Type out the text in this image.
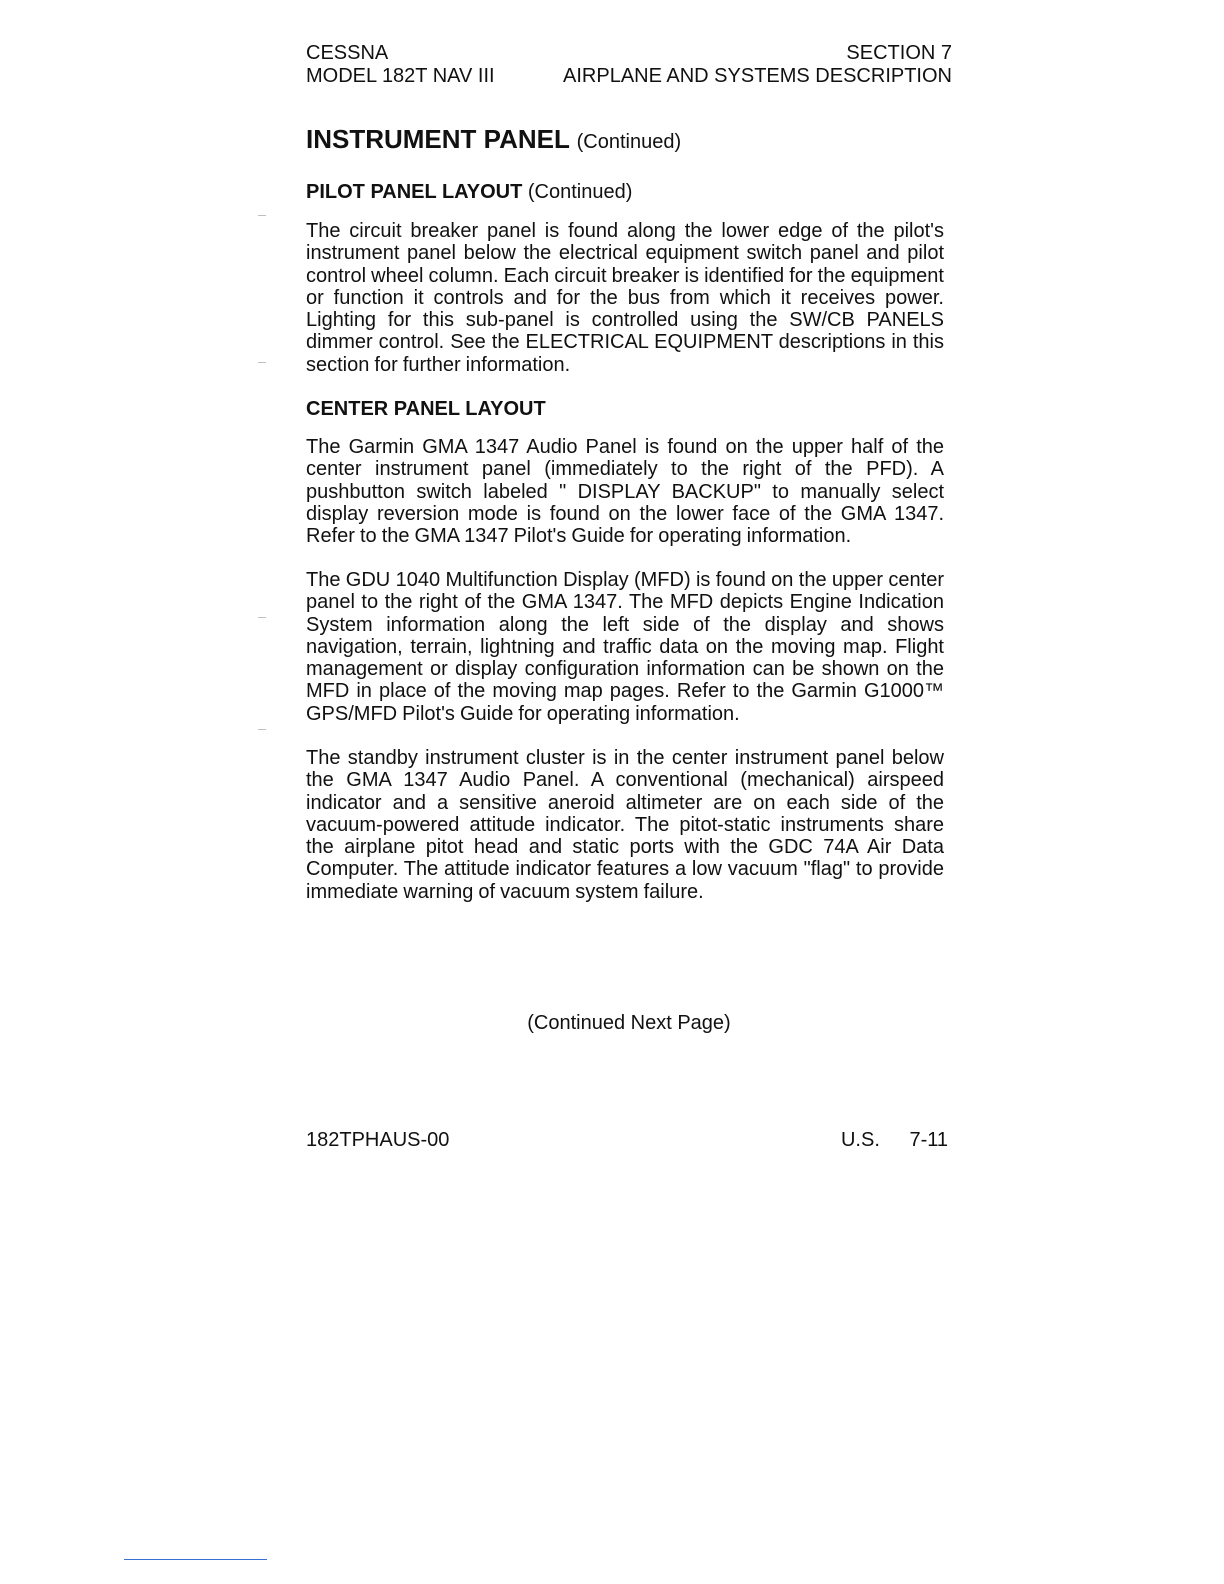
CESSNA	SECTION 7
MODEL 182T NAV III	AIRPLANE AND SYSTEMS DESCRIPTION
INSTRUMENT PANEL (Continued)
PILOT PANEL LAYOUT (Continued)

The circuit breaker panel is found along the lower edge of the pilot's instrument panel below the electrical equipment switch panel and pilot control wheel column. Each circuit breaker is identified for the equipment or function it controls and for the bus from which it receives power. Lighting for this sub-panel is controlled using the SW/CB PANELS dimmer control. See the ELECTRICAL EQUIPMENT descriptions in this section for further information.

CENTER PANEL LAYOUT

The Garmin GMA 1347 Audio Panel is found on the upper half of the center instrument panel (immediately to the right of the PFD). A pushbutton switch labeled " DISPLAY BACKUP" to manually select display reversion mode is found on the lower face of the GMA 1347. Refer to the GMA 1347 Pilot's Guide for operating information.

The GDU 1040 Multifunction Display (MFD) is found on the upper center panel to the right of the GMA 1347. The MFD depicts Engine Indication System information along the left side of the display and shows navigation, terrain, lightning and traffic data on the moving map. Flight management or display configuration information can be shown on the MFD in place of the moving map pages. Refer to the Garmin G1000™ GPS/MFD Pilot's Guide for operating information.

The standby instrument cluster is in the center instrument panel below the GMA 1347 Audio Panel. A conventional (mechanical) airspeed indicator and a sensitive aneroid altimeter are on each side of the vacuum-powered attitude indicator. The pitot-static instruments share the airplane pitot head and static ports with the GDC 74A Air Data Computer. The attitude indicator features a low vacuum "flag" to provide immediate warning of vacuum system failure.

(Continued Next Page)
182TPHAUS-00	U.S. 7-11
